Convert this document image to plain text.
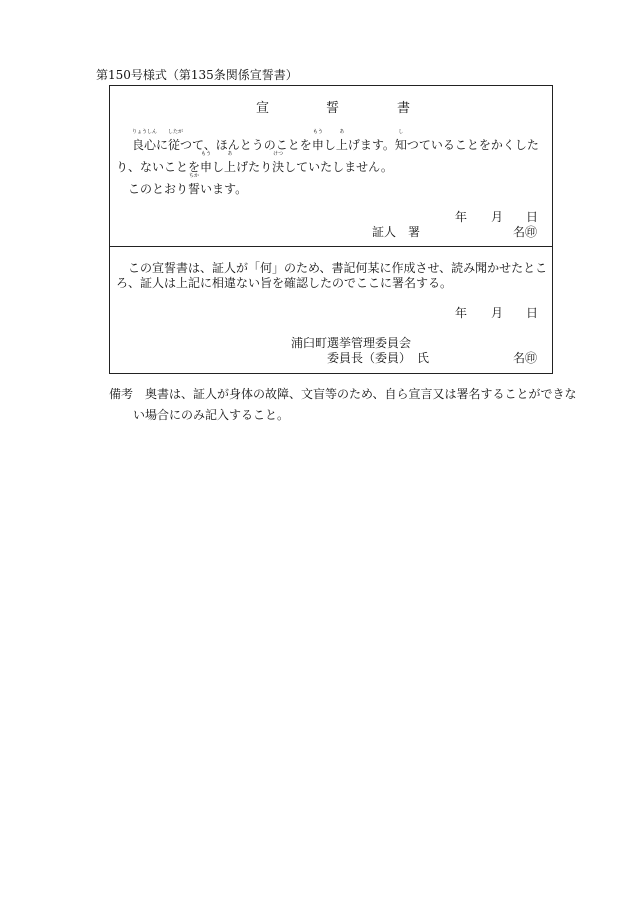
第150号様式（第135条関係宣誓書）
宣	誓	書
良心
りょうしん
に従
したが
つて、ほんとうのことを申
もう
し上
あ
げます。知
し
つていることをかくした
り、ないことを申
もう
し上
あ
げたり決
けつ
していたしません。
このとおり誓
ちか
います。
年 月 日
証人　署	名 ㊞
この宣誓書は、証人が「何」のため、書記何某に作成させ、読み聞かせたとこ
ろ、証人は上記に相違ない旨を確認したのでここに署名する。
年 月 日
浦臼町選挙管理委員会
委員長（委員）　氏	名 ㊞
備考 奥書は、証人が身体の故障、文盲等のため、自ら宣言又は署名することができな
い場合にのみ記入すること。
